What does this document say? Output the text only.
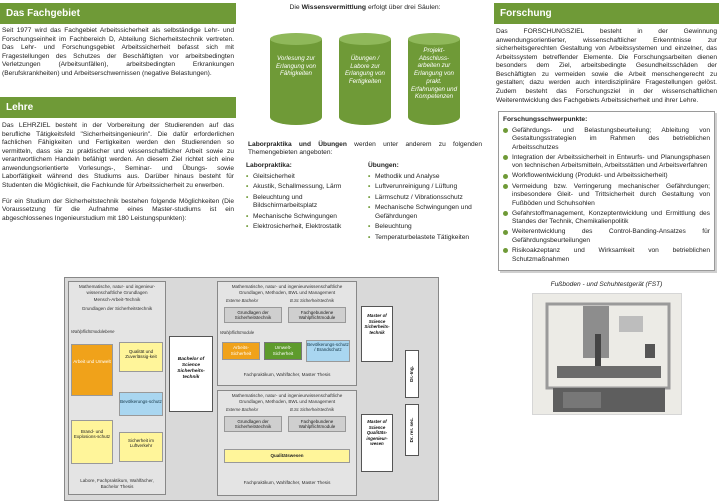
Das Fachgebiet
Seit 1977 wird das Fachgebiet Arbeitssicherheit als selbständige Lehr- und Forschungseinheit im Fachbereich D, Abteilung Sicherheitstechnik vertreten. Das Lehr- und Forschungsgebiet Arbeitssicherheit befasst sich mit Fragestellungen des Schutzes der Beschäftigten vor arbeitsbedingten Verletzungen (Arbeitsunfällen), arbeitsbedingten Erkrankungen (Berufskrankheiten) und Arbeitserschwernissen (negative Belastungen).
Lehre
Das LEHRZIEL besteht in der Vorbereitung der Studierenden auf das berufliche Tätigkeitsfeld "Sicherheitsingenieurin". Die dafür erforderlichen fachlichen Fähigkeiten und Fertigkeiten werden den Studierenden so vermitteln, dass sie zu praktischer und wissenschaftlicher Arbeit sowie zu verantwortlichem Handeln befähigt werden. An diesem Ziel richtet sich eine anwendungsorientierte Vorlesungs-, Seminar- und Übungs- sowie Laborfätigkeit während des Studiums aus. Darüber hinaus besteht für Studenten die Möglichkeit, die Fachkunde für Arbeitssicherheit zu erwerben.
Für ein Studium der Sicherheitstechnik bestehen folgende Möglichkeiten (Die Voraussetzung für die Aufnahme eines Master-studiums ist ein abgeschlossenes Ingenieurstudium mit 180 Leistungspunkten):
Die Wissensvermittlung erfolgt über drei Säulen:
Vorlesung zur Erlangung von Fähigkeiten
Übungen / Labore zur Erlangung von Fertigkeiten
Projekt-Abschluss-arbeiten zur Erlangung von prakt. Erfahrungen und Kompetenzen
Laborpraktika und Übungen werden unter anderem zu folgenden Themengebieten angeboten:
Laborpraktika:
• Gleitsicherheit
• Akustik, Schallmessung, Lärm
• Beleuchtung und Bildschirmarbeitsplatz
• Mechanische Schwingungen
• Elektrosicherheit, Elektrostatik
Übungen:
• Methodik und Analyse
• Luftverunreinigung / Lüftung
• Lärmschutz / Vibrationsschutz
• Mechanische Schwingungen und Gefährdungen
• Beleuchtung
• Temperaturbelastete Tätigkeiten
Mathematische, natur- und ingenieur-wissenschaftliche Grundlagen
Mensch-Arbeit-Technik
Grundlagen der Sicherheitstechnik
Wahlpflichtmodulebene
Arbeit und Umwelt
Qualität und Zuverlässig-keit
Bevölkerungs-schutz
Brand- und Explosions-schutz
Sicherheit im Luftverkehr
Labore, Fachpraktikum, Wahlfächer, Bachelor Thesis
Bachelor of Science Sicherheits-technik
Mathematische, natur- und ingenieurwissenschaftliche Grundlagen, Methoden, BWL und Management
Externe Bachelor	B.Sc Sicherheitstechnik
Grundlagen der Sicherheitstechnik
Fachgebundene Wahlpflichtmodule
Wahlpflichtmodule
Arbeits-Sicherheit
Umwelt-Sicherheit
Bevölkerungs-schutz / Brandschutz
Fachpraktikum, Wahlfächer, Master Thesis
Master of Science Sicherheits-technik
Mathematische, natur- und ingenieurwissenschaftliche Grundlagen, Methoden, BWL und Management
Externe Bachelor	B.Sc Sicherheitstechnik
Grundlagen der Sicherheitstechnik
Fachgebundene Wahlpflichtmodule
Qualitätswesen
Fachpraktikum, Wahlfächer, Master Thesis
Master of Science Qualitäts-ingenieur-wesen
Dr.-Ing.
Dr. rer. sec.
Forschung
Das FORSCHUNGSZIEL besteht in der Gewinnung anwendungsorientierter, wissenschaftlicher Erkenntnisse zur sicherheitsgerechten Gestaltung von Arbeitssystemen und einzelner, das Arbeitssystem betreffender Elemente. Die Forschungsarbeiten dienen besonders dem Ziel, arbeitsbedingte Gesundheitsschäden der Beschäftigten zu vermeiden sowie die Arbeit menschengerecht zu gestalten; dazu werden auch interdisziplinäre Fragestellungen gelöst. Zudem besteht das Forschungsziel in der wissenschaftlichen Weiterentwicklung des Fachgebiets Arbeitssicherheit und ihrer Lehre.
Forschungsschwerpunkte:
Gefährdungs- und Belastungsbeurteilung; Ableitung von Gestaltungsstrategien im Rahmen des betrieblichen Arbeitsschutzes
Integration der Arbeitssicherheit in Entwurfs- und Planungsphasen von technischen Arbeitsmitteln, Arbeitsstätten und Arbeitsverfahren
Workflowentwicklung (Produkt- und Arbeitssicherheit)
Vermeidung bzw. Verringerung mechanischer Gefährdungen; insbesondere Gleit- und Trittsicherheit durch Gestaltung von Fußböden und Schuhsohlen
Gefahrstoffmanagement, Konzeptentwicklung und Ermittlung des Standes der Technik, Chemikalienpolitik
Weiterentwicklung des Control-Banding-Ansatzes für Gefährdungsbeurteilungen
Risikoakzeptanz und Wirksamkeit von betrieblichen Schutzmaßnahmen
Fußboden - und Schuhtestgerät (FST)
